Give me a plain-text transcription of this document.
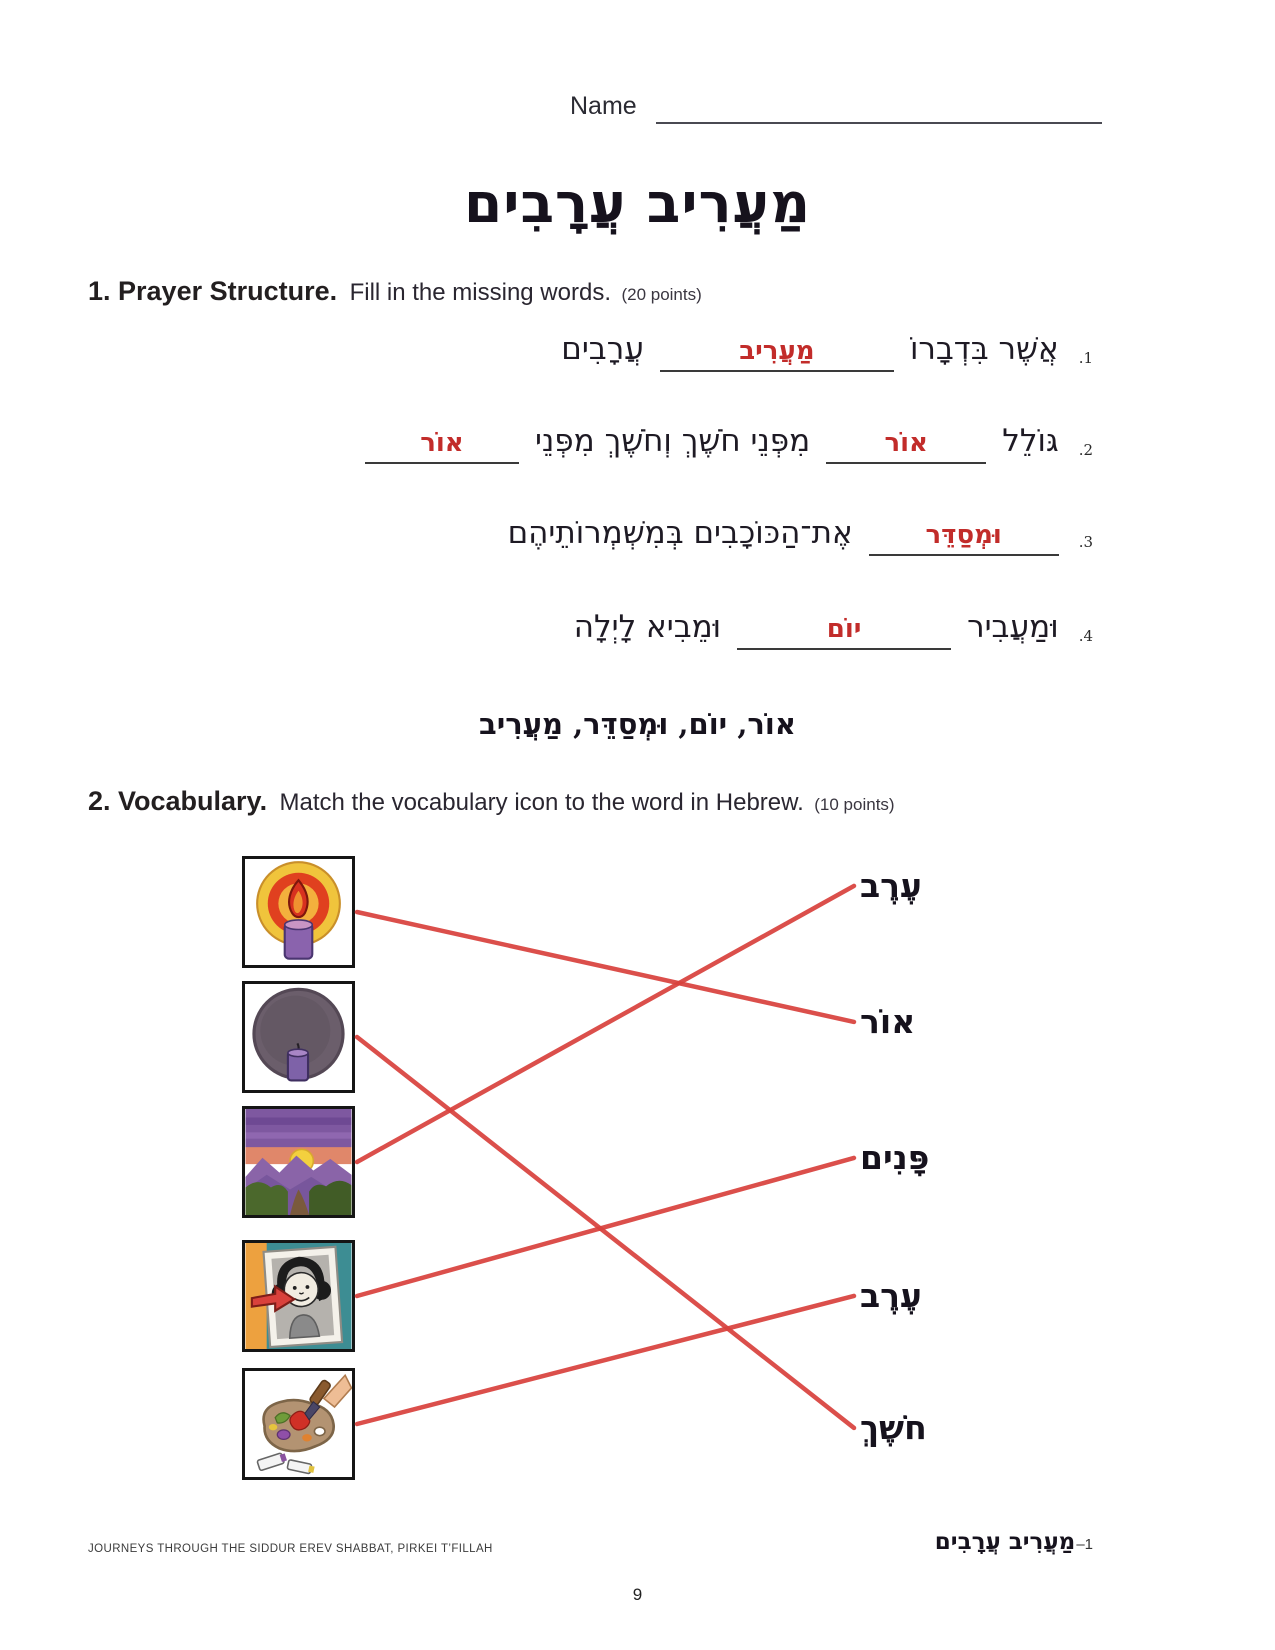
Name
מַעֲרִיב עֲרָבִים
1. Prayer Structure. Fill in the missing words. (20 points)
.1
אֲשֶׁר בִּדְבָרוֹ
מַעֲרִיב
עֲרָבִים
.2
גּוֹלֵל
אוֹר
מִפְּנֵי חֹשֶׁךְ וְחֹשֶׁךְ מִפְּנֵי
אוֹר
.3
וּמְסַדֵּר
אֶת־הַכּוֹכָבִים בְּמִשְׁמְרוֹתֵיהֶם
.4
וּמַעֲבִיר
יוֹם
וּמֵבִיא לָיְלָה
אוֹר, יוֹם, וּמְסַדֵּר, מַעֲרִיב
2. Vocabulary. Match the vocabulary icon to the word in Hebrew. (10 points)
עֶרֶב
אוֹר
פָּנִים
עֶרֶב
חֹשֶׁךְ
JOURNEYS THROUGH THE SIDDUR EREV SHABBAT, PIRKEI T’FILLAH	מַעֲרִיב עֲרָבִים –1
9
